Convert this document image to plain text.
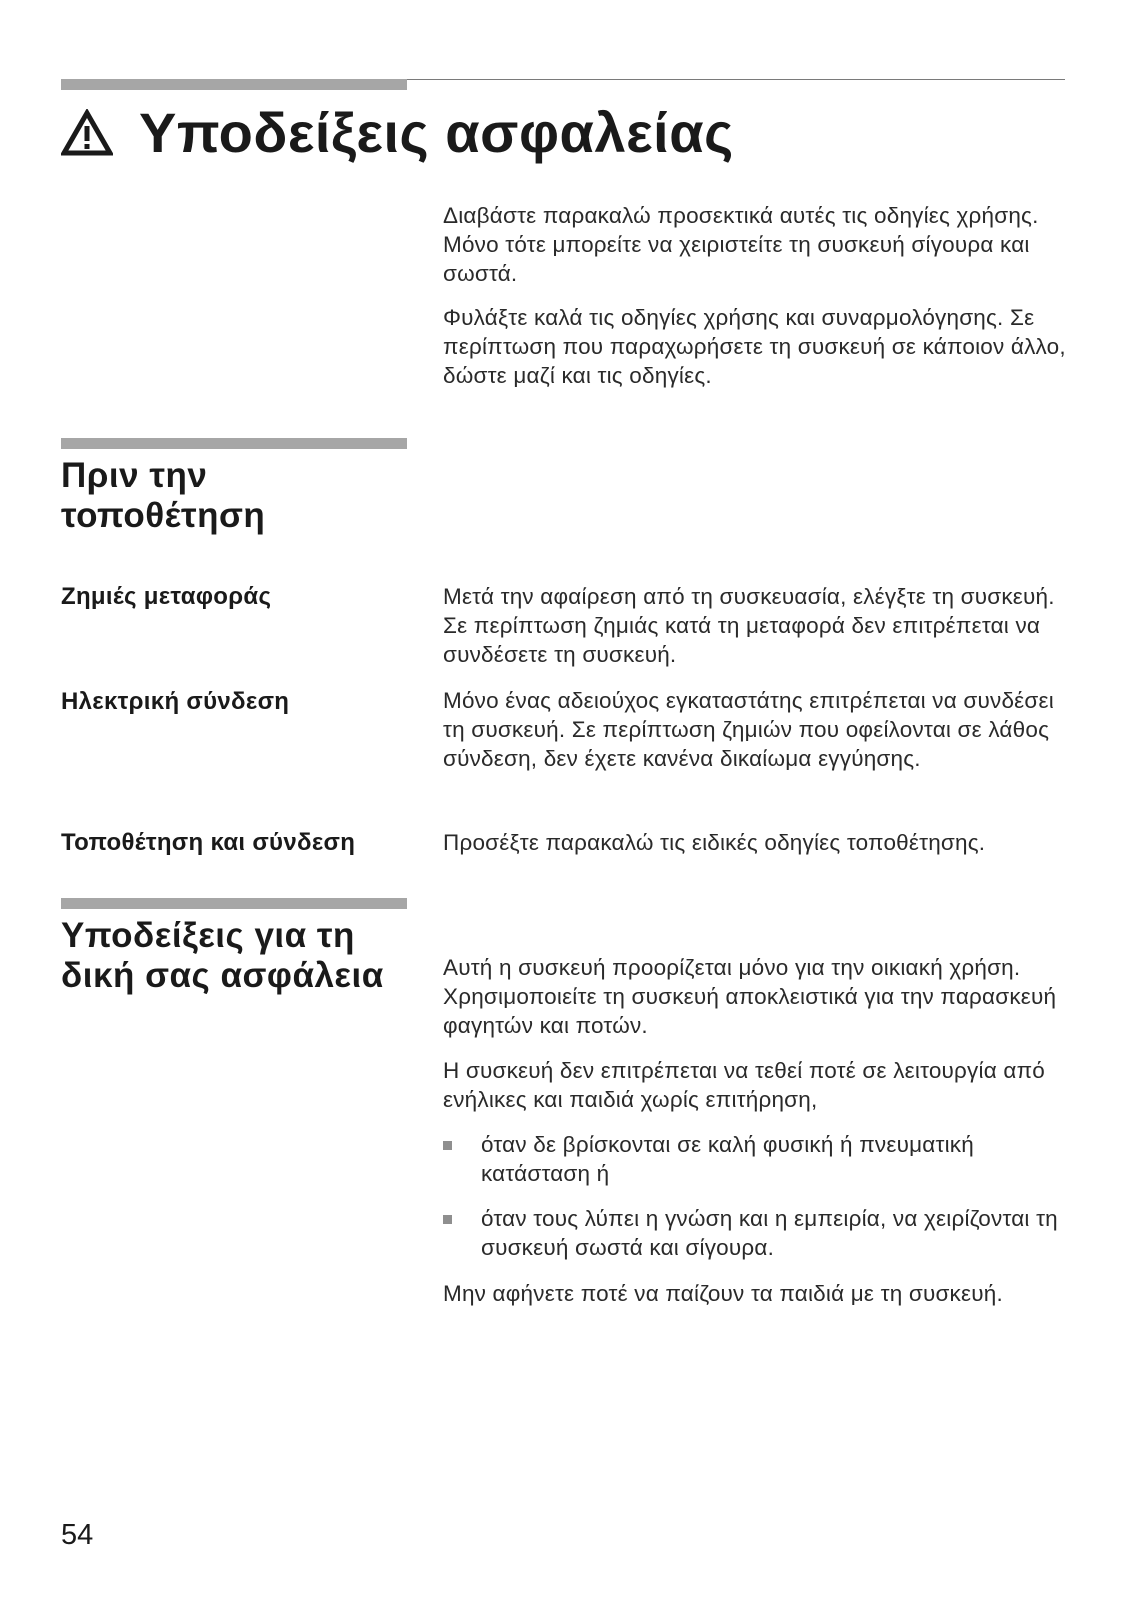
Υποδείξεις ασφαλείας

Διαβάστε παρακαλώ προσεκτικά αυτές τις οδηγίες χρήσης. Μόνο τότε μπορείτε να χειριστείτε τη συσκευή σίγουρα και σωστά.

Φυλάξτε καλά τις οδηγίες χρήσης και συναρμολόγησης. Σε περίπτωση που παραχωρήσετε τη συσκευή σε κάποιον άλλο, δώστε μαζί και τις οδηγίες.

Πριν την τοποθέτηση
Ζημιές μεταφοράς	Μετά την αφαίρεση από τη συσκευασία, ελέγξτε τη συσκευή. Σε περίπτωση ζημιάς κατά τη μεταφορά δεν επιτρέπεται να συνδέσετε τη συσκευή.

Ηλεκτρική σύνδεση	Μόνο ένας αδειούχος εγκαταστάτης επιτρέπεται να συνδέσει τη συσκευή. Σε περίπτωση ζημιών που οφείλονται σε λάθος σύνδεση, δεν έχετε κανένα δικαίωμα εγγύησης.

Τοποθέτηση και σύνδεση	Προσέξτε παρακαλώ τις ειδικές οδηγίες τοποθέτησης.

Υποδείξεις για τη δική σας ασφάλεια	Αυτή η συσκευή προορίζεται μόνο για την οικιακή χρήση. Χρησιμοποιείτε τη συσκευή αποκλειστικά για την παρασκευή φαγητών και ποτών.

Η συσκευή δεν επιτρέπεται να τεθεί ποτέ σε λειτουργία από ενήλικες και παιδιά χωρίς επιτήρηση,

όταν δε βρίσκονται σε καλή φυσική ή πνευματική κατάσταση ή
όταν τους λύπει η γνώση και η εμπειρία, να χειρίζονται τη συσκευή σωστά και σίγουρα.

Μην αφήνετε ποτέ να παίζουν τα παιδιά με τη συσκευή.

54
